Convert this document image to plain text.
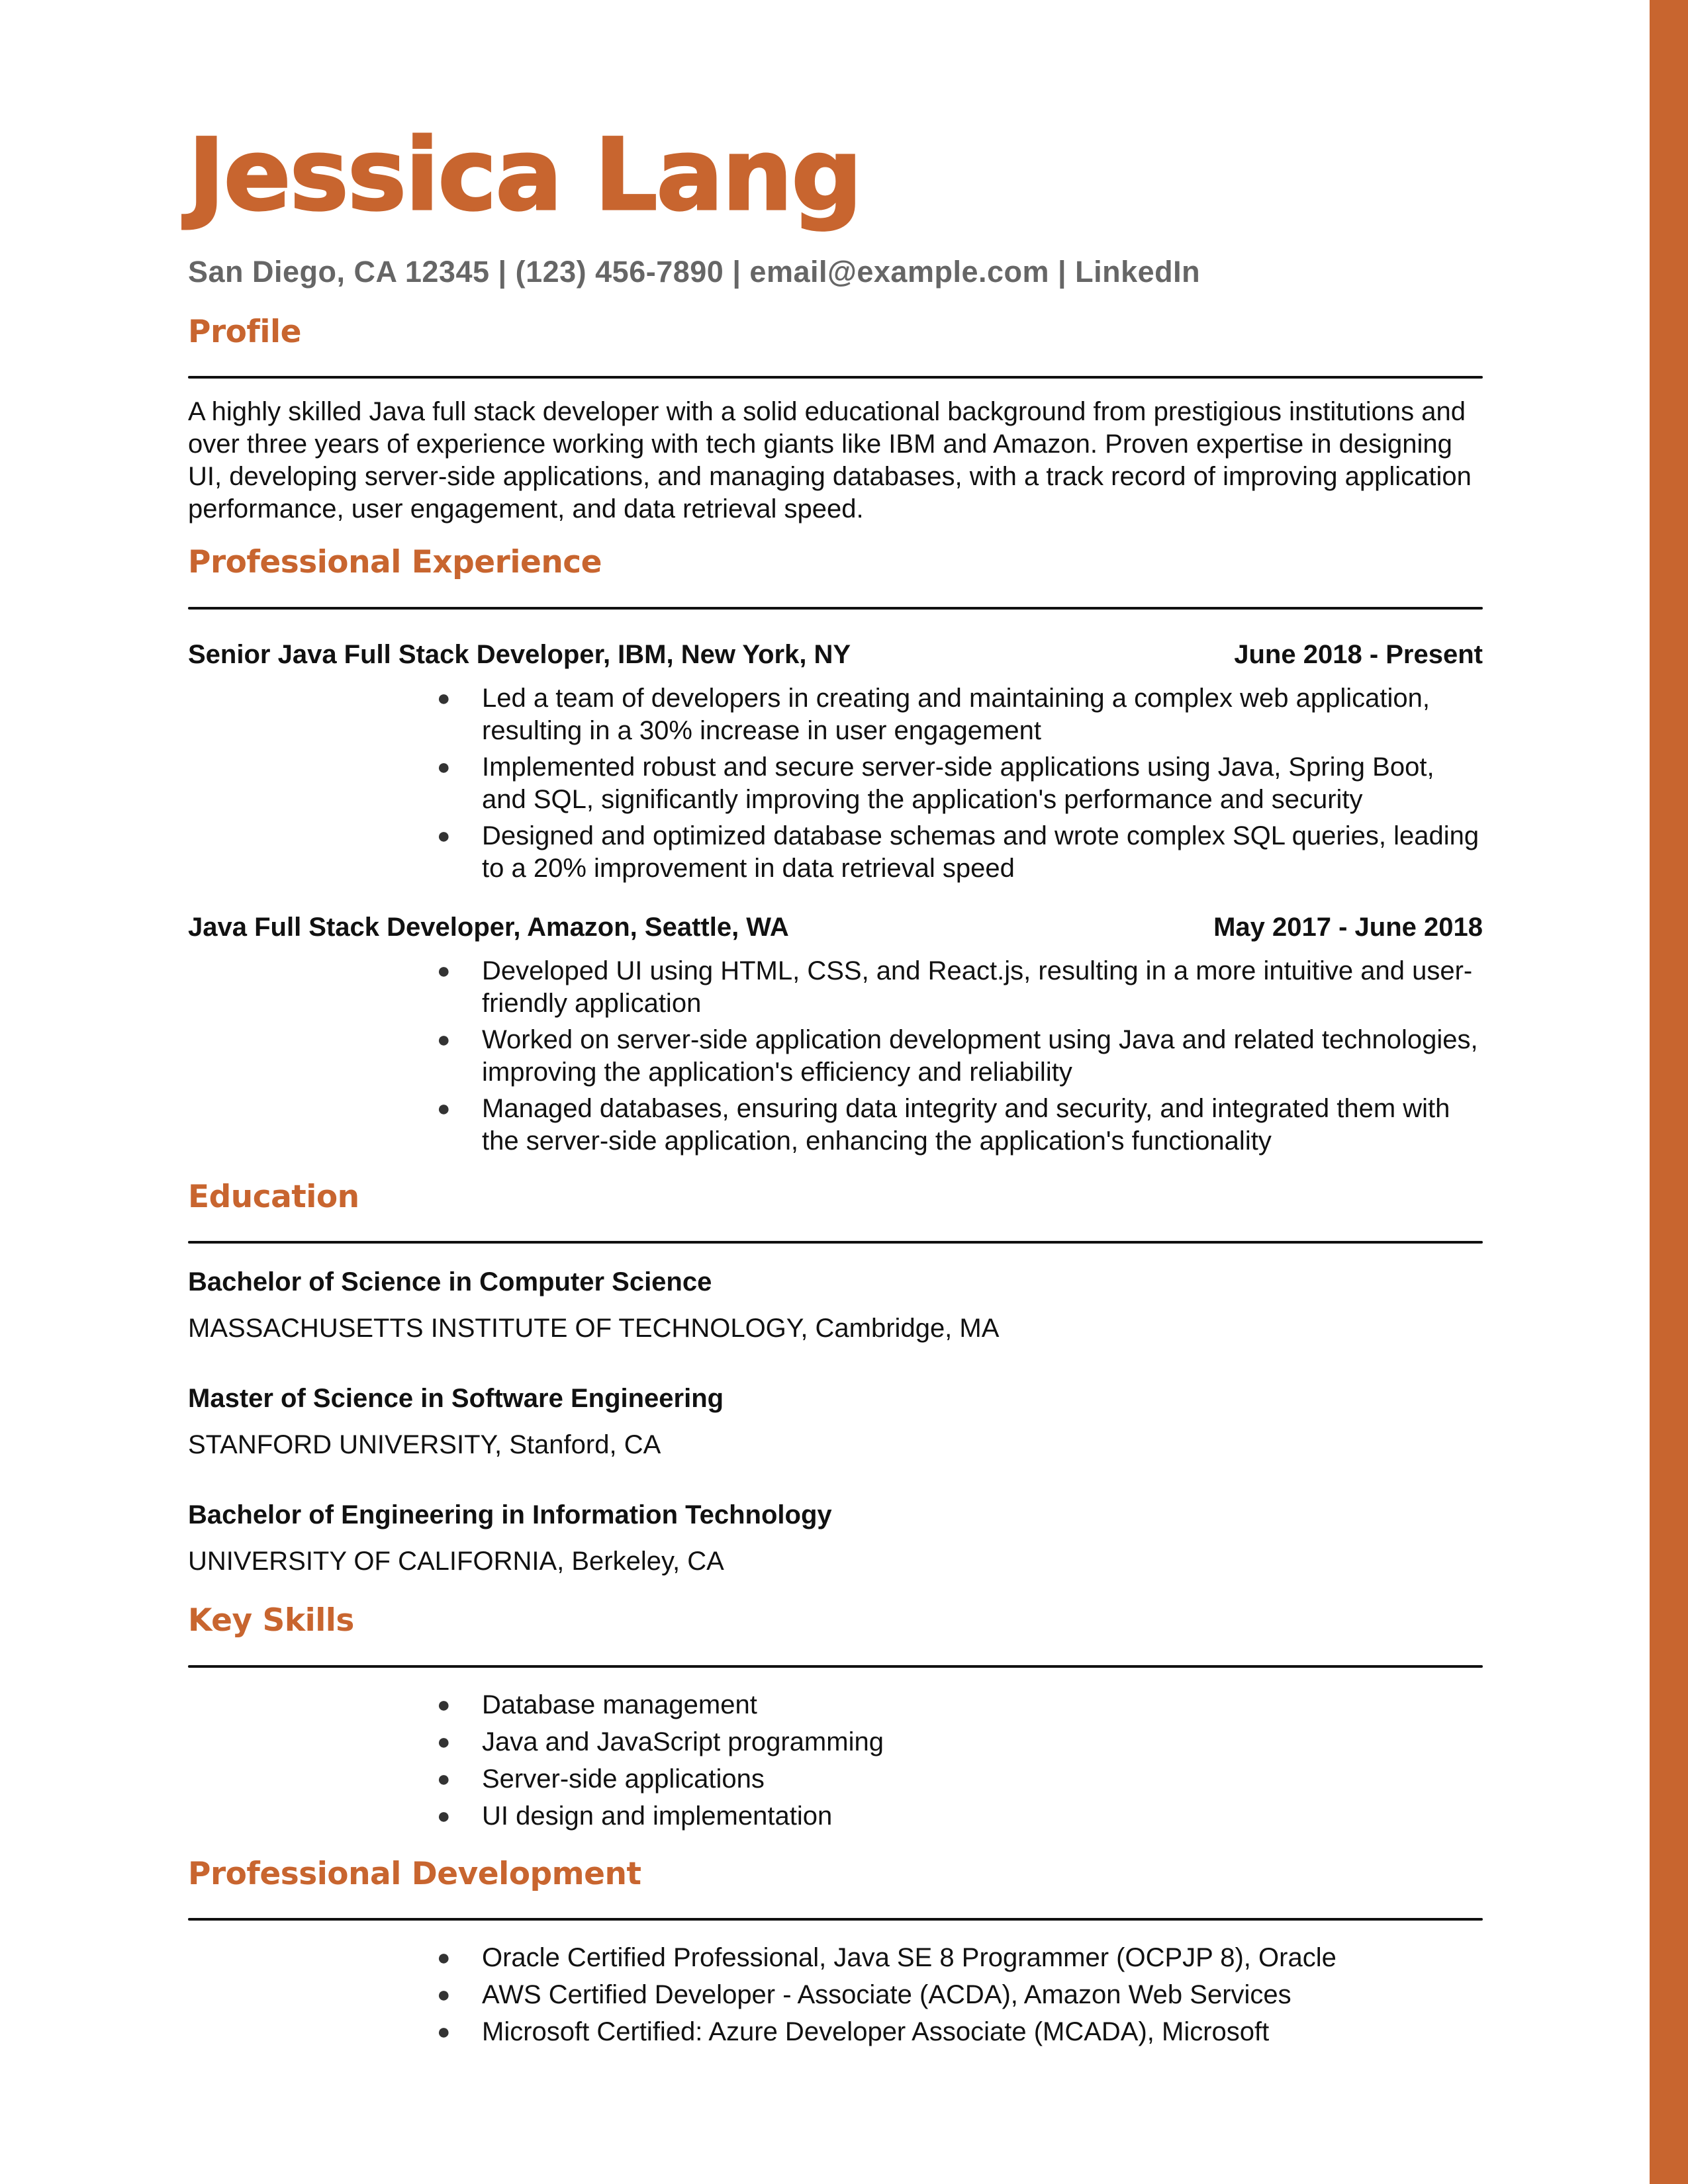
Jessica Lang
San Diego, CA 12345 | (123) 456-7890 | email@example.com | LinkedIn
Profile
A highly skilled Java full stack developer with a solid educational background from prestigious institutions and over three years of experience working with tech giants like IBM and Amazon. Proven expertise in designing UI, developing server-side applications, and managing databases, with a track record of improving application performance, user engagement, and data retrieval speed.
Professional Experience
Senior Java Full Stack Developer, IBM, New York, NY	June 2018 - Present
● Led a team of developers in creating and maintaining a complex web application, resulting in a 30% increase in user engagement
● Implemented robust and secure server-side applications using Java, Spring Boot, and SQL, significantly improving the application's performance and security
● Designed and optimized database schemas and wrote complex SQL queries, leading to a 20% improvement in data retrieval speed
Java Full Stack Developer, Amazon, Seattle, WA	May 2017 - June 2018
● Developed UI using HTML, CSS, and React.js, resulting in a more intuitive and user-friendly application
● Worked on server-side application development using Java and related technologies, improving the application's efficiency and reliability
● Managed databases, ensuring data integrity and security, and integrated them with the server-side application, enhancing the application's functionality
Education
Bachelor of Science in Computer Science
MASSACHUSETTS INSTITUTE OF TECHNOLOGY, Cambridge, MA
Master of Science in Software Engineering
STANFORD UNIVERSITY, Stanford, CA
Bachelor of Engineering in Information Technology
UNIVERSITY OF CALIFORNIA, Berkeley, CA
Key Skills
● Database management
● Java and JavaScript programming
● Server-side applications
● UI design and implementation
Professional Development
● Oracle Certified Professional, Java SE 8 Programmer (OCPJP 8), Oracle
● AWS Certified Developer - Associate (ACDA), Amazon Web Services
● Microsoft Certified: Azure Developer Associate (MCADA), Microsoft
